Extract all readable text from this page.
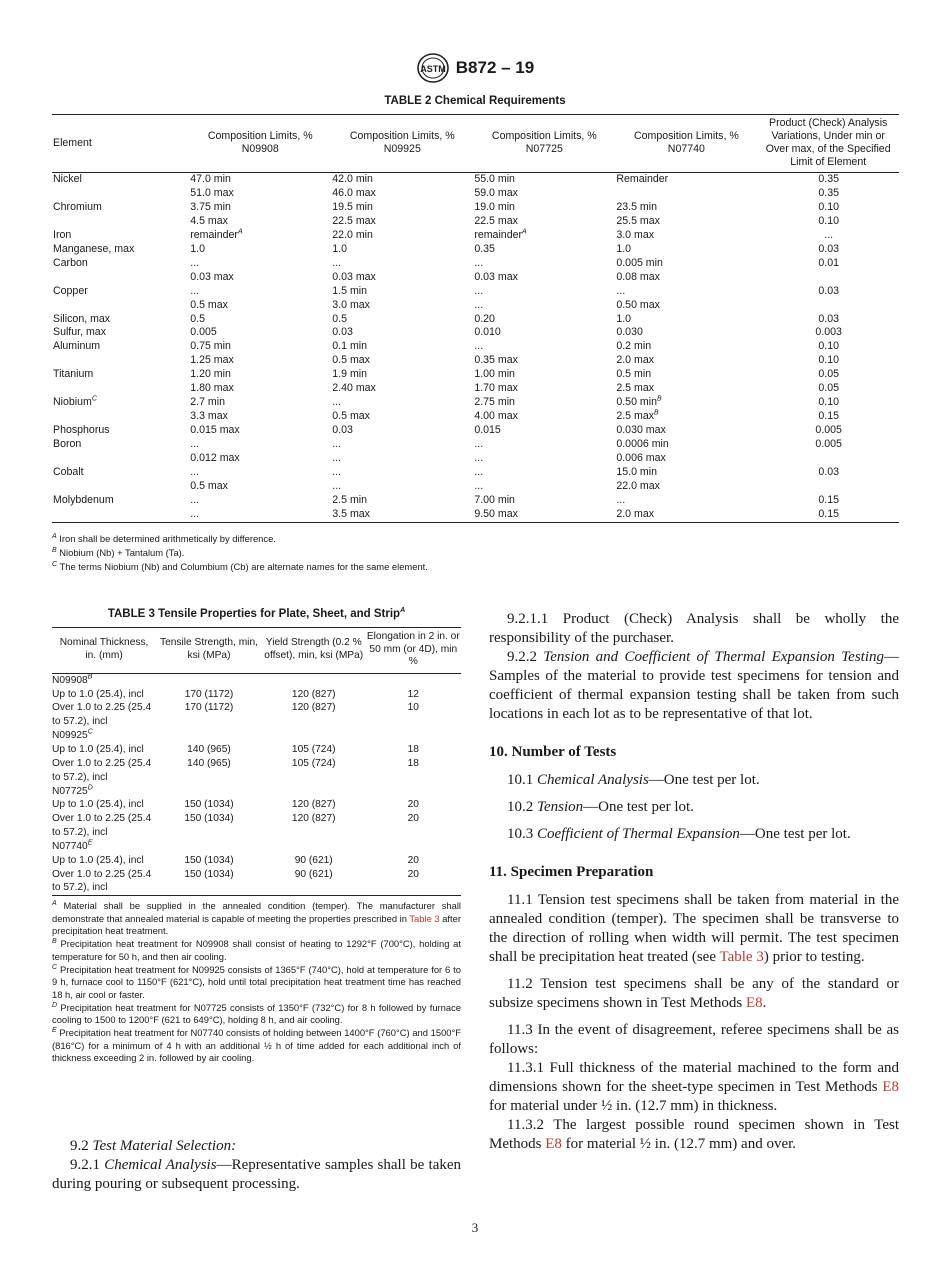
ASTM B872 – 19
TABLE 2 Chemical Requirements
Element	Composition Limits, % N09908	Composition Limits, % N09925	Composition Limits, % N07725	Composition Limits, % N07740	Product (Check) Analysis Variations, Under min or Over max, of the Specified Limit of Element
Nickel	47.0 min	42.0 min	55.0 min	Remainder	0.35
	51.0 max	46.0 max	59.0 max		0.35
Chromium	3.75 min	19.5 min	19.0 min	23.5 min	0.10
	4.5 max	22.5 max	22.5 max	25.5 max	0.10
Iron	remainder$^A$	22.0 min	remainder$^A$	3.0 max	...
Manganese, max	1.0	1.0	0.35	1.0	0.03
Carbon	...	...	...	0.005 min	0.01
	0.03 max	0.03 max	0.03 max	0.08 max	
Copper	...	1.5 min	...	...	0.03
	0.5 max	3.0 max	...	0.50 max	
Silicon, max	0.5	0.5	0.20	1.0	0.03
Sulfur, max	0.005	0.03	0.010	0.030	0.003
Aluminum	0.75 min	0.1 min	...	0.2 min	0.10
	1.25 max	0.5 max	0.35 max	2.0 max	0.10
Titanium	1.20 min	1.9 min	1.00 min	0.5 min	0.05
	1.80 max	2.40 max	1.70 max	2.5 max	0.05
Niobium$^C$	2.7 min	...	2.75 min	0.50 $\min^B$	0.10
	3.3 max	0.5 max	4.00 max	2.5 $\max^B$	0.15
Phosphorus	0.015 max	0.03	0.015	0.030 max	0.005
Boron	...	...	...	0.0006 min	0.005
	0.012 max	...	...	0.006 max	
Cobalt	...	...	...	15.0 min	0.03
	0.5 max	...	...	22.0 max	
Molybdenum	...	2.5 min	7.00 min	...	0.15
	...	3.5 max	9.50 max	2.0 max	0.15
$^A$ Iron shall be determined arithmetically by difference.
$^B$ Niobium (Nb) + Tantalum (Ta).
$^C$ The terms Niobium (Nb) and Columbium (Cb) are alternate names for the same element.
TABLE 3 Tensile Properties for Plate, Sheet, and Strip$^A$
Nominal Thickness, in. (mm)	Tensile Strength, min, ksi (MPa)	Yield Strength (0.2 % offset), min, ksi (MPa)	Elongation in 2 in. or 50 mm (or 4D), min %
$N09908^B$
Up to 1.0 (25.4), incl	170 (1172)	120 (827)	12
Over 1.0 to 2.25 (25.4 to 57.2), incl	170 (1172)	120 (827)	10
$N09925^C$
Up to 1.0 (25.4), incl	140 (965)	105 (724)	18
Over 1.0 to 2.25 (25.4 to 57.2), incl	140 (965)	105 (724)	18
$N07725^D$
Up to 1.0 (25.4), incl	150 (1034)	120 (827)	20
Over 1.0 to 2.25 (25.4 to 57.2), incl	150 (1034)	120 (827)	20
$N07740^E$
Up to 1.0 (25.4), incl	150 (1034)	90 (621)	20
Over 1.0 to 2.25 (25.4 to 57.2), incl	150 (1034)	90 (621)	20
$^A$ Material shall be supplied in the annealed condition (temper). The manufacturer shall demonstrate that annealed material is capable of meeting the properties prescribed in Table 3 after precipitation heat treatment.
$^B$ Precipitation heat treatment for N09908 shall consist of heating to 1292°F (700°C), holding at temperature for 50 h, and then air cooling.
$^C$ Precipitation heat treatment for N09925 consists of 1365°F (740°C), hold at temperature for 6 to 9 h, furnace cool to 1150°F (621°C), hold until total precipitation heat treatment time has reached 18 h, air cool or faster.
$^D$ Precipitation heat treatment for N07725 consists of 1350°F (732°C) for 8 h followed by furnace cooling to 1500 to 1200°F (621 to 649°C), holding 8 h, and air cooling.
$^E$ Precipitation heat treatment for N07740 consists of holding between 1400°F (760°C) and 1500°F (816°C) for a minimum of 4 h with an additional ½ h of time added for each additional inch of thickness exceeding 2 in. followed by air cooling.

9.2 Test Material Selection:

9.2.1 Chemical Analysis—Representative samples shall be taken during pouring or subsequent processing.

9.2.1.1 Product (Check) Analysis shall be wholly the responsibility of the purchaser.

9.2.2 Tension and Coefficient of Thermal Expansion Testing—Samples of the material to provide test specimens for tension and coefficient of thermal expansion testing shall be taken from such locations in each lot as to be representative of that lot.

10. Number of Tests

10.1 Chemical Analysis—One test per lot.

10.2 Tension—One test per lot.

10.3 Coefficient of Thermal Expansion—One test per lot.

11. Specimen Preparation

11.1 Tension test specimens shall be taken from material in the annealed condition (temper). The specimen shall be transverse to the direction of rolling when width will permit. The test specimen shall be precipitation heat treated (see Table 3) prior to testing.

11.2 Tension test specimens shall be any of the standard or subsize specimens shown in Test Methods E8.

11.3 In the event of disagreement, referee specimens shall be as follows:

11.3.1 Full thickness of the material machined to the form and dimensions shown for the sheet-type specimen in Test Methods E8 for material under ½ in. (12.7 mm) in thickness.

11.3.2 The largest possible round specimen shown in Test Methods E8 for material ½ in. (12.7 mm) and over.

3
